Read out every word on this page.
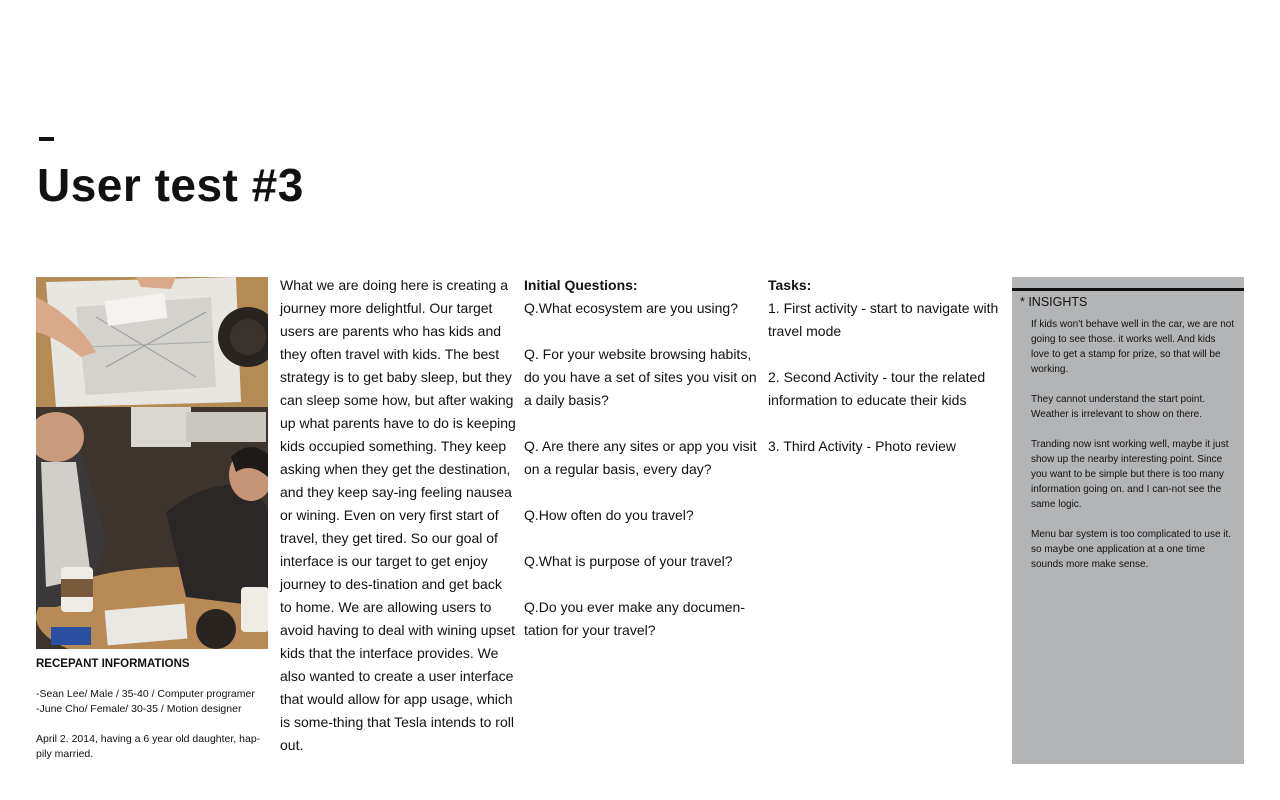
User test #3

RECEPANT INFORMATIONS

-Sean Lee/ Male / 35-40 / Computer programer

-June Cho/ Female/ 30-35 / Motion designer

April 2. 2014, having a 6 year old daughter, hap-pily married.

What we are doing here is creating a journey more delightful. Our target users are parents who has kids and they often travel with kids. The best strategy is to get baby sleep, but they can sleep some how, but after waking up what parents have to do is keeping kids occupied something. They keep asking when they get the destination, and they keep say-ing feeling nausea or wining. Even on very first start of travel, they get tired. So our goal of interface is our target to get enjoy journey to des-tination and get back to home. We are allowing users to avoid having to deal with wining upset kids that the interface provides. We also wanted to create a user interface that would allow for app usage, which is some-thing that Tesla intends to roll out.

Initial Questions:

Q.What ecosystem are you using?

Q. For your website browsing habits, do you have a set of sites you visit on a daily basis?

Q. Are there any sites or app you visit on a regular basis, every day?

Q.How often do you travel?

Q.What is purpose of your travel?

Q.Do you ever make any documen-tation for your travel?

Tasks:

1. First activity - start to navigate with travel mode

2. Second Activity - tour the related information to educate their kids

3. Third Activity - Photo review

* INSIGHTS

If kids won't behave well in the car, we are not going to see those. it works well. And kids love to get a stamp for prize, so that will be working.

They cannot understand the start point. Weather is irrelevant to show on there.

Tranding now isnt working well, maybe it just show up the nearby interesting point. Since you want to be simple but there is too many information going on. and I can-not see the same logic.

Menu bar system is too complicated to use it. so maybe one application at a one time sounds more make sense.
